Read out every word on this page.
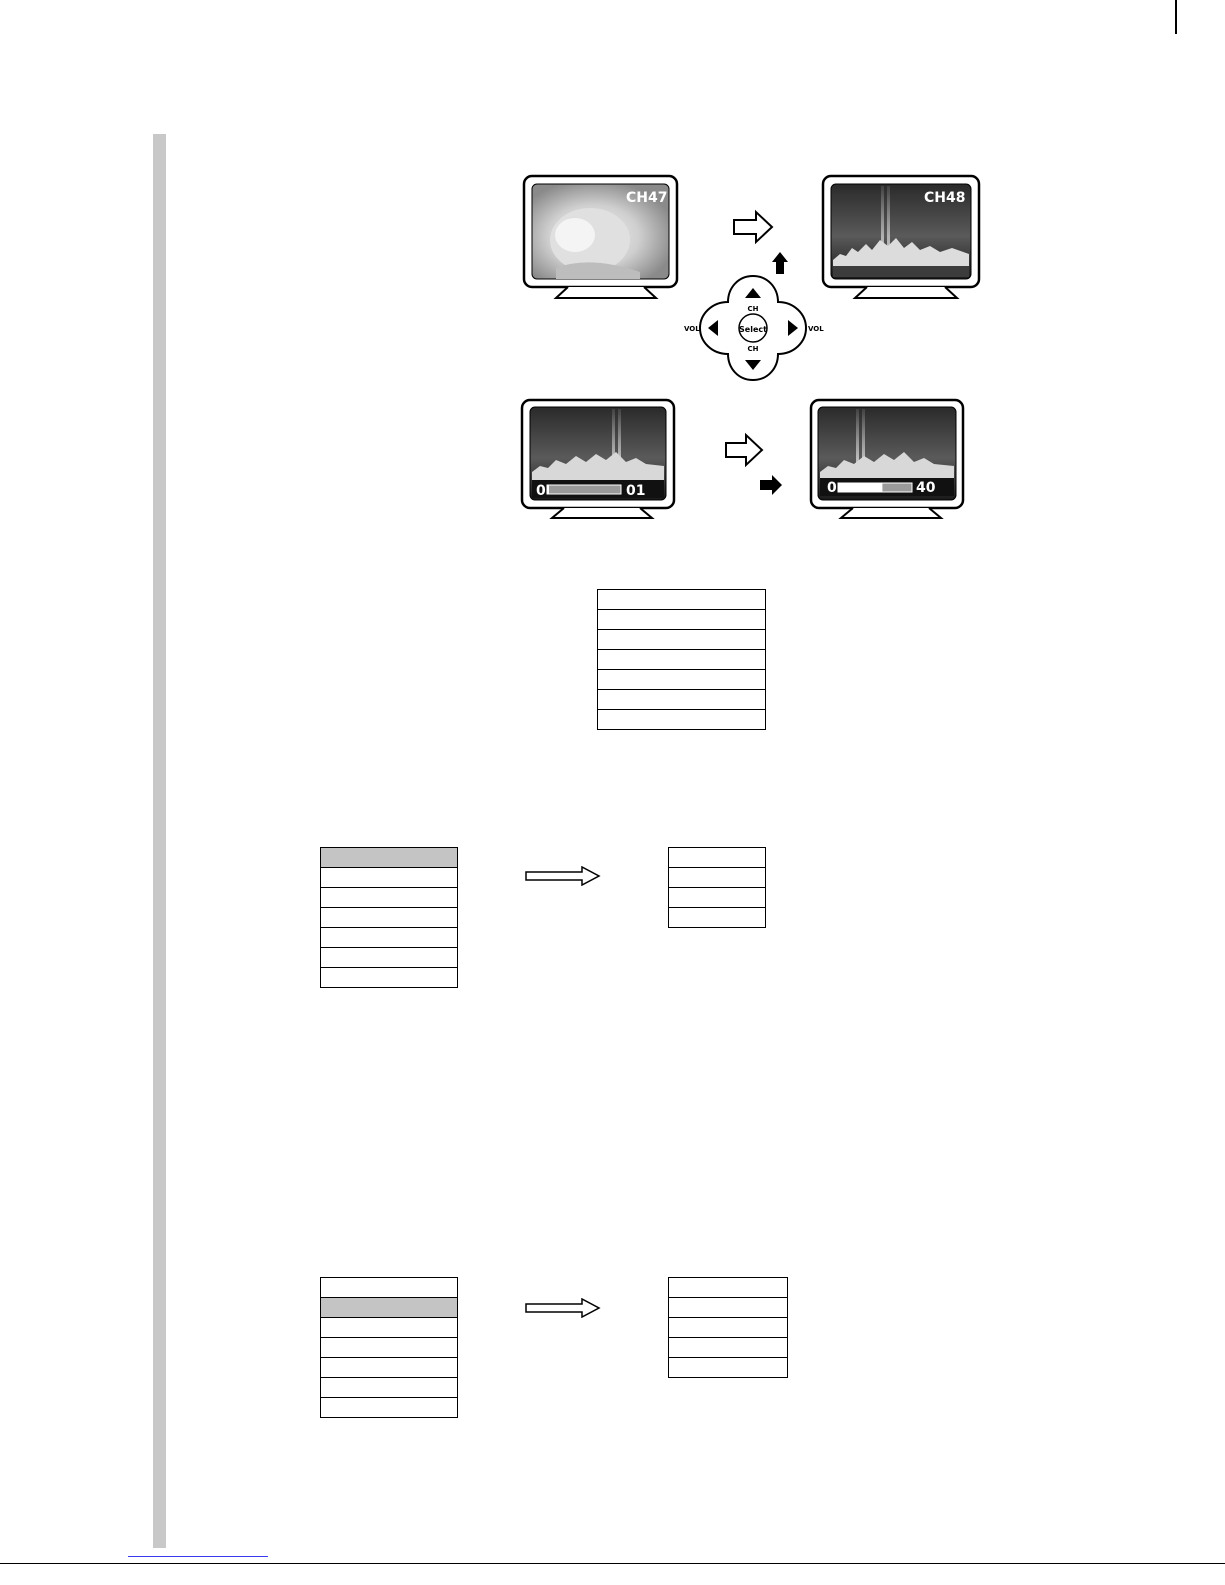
CH47	CH48
Select
CH
CH
VOL	VOL
0	01	0	40
